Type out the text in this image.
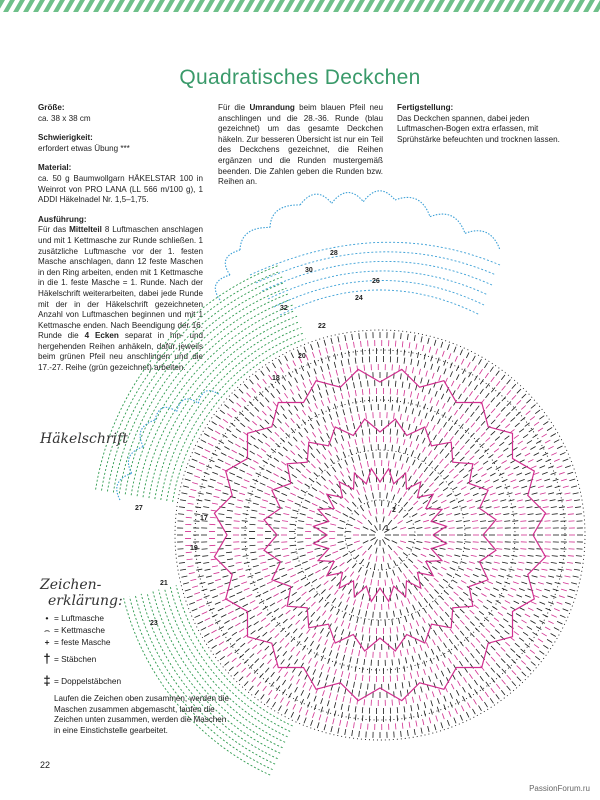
Quadratisches Deckchen

Größe:

ca. 38 x 38 cm

Schwierigkeit:

erfordert etwas Übung ***

Material:

ca. 50 g Baumwollgarn HÄKELSTAR 100 in Weinrot von PRO LANA (LL 566 m/100 g), 1 ADDI Häkelnadel Nr. 1,5–1,75.

Ausführung:

Für das Mittelteil 8 Luftmaschen anschlagen und mit 1 Kettmasche zur Runde schließen. 1 zusätzliche Luftmasche vor der 1. festen Masche anschlagen, dann 12 feste Maschen in den Ring arbeiten, enden mit 1 Kettmasche in die 1. feste Masche = 1. Runde. Nach der Häkelschrift weiterarbeiten, dabei jede Runde mit der in der Häkelschrift gezeichneten Anzahl von Luftmaschen beginnen und mit 1 Kettmasche enden. Nach Beendigung der 16. Runde die 4 Ecken separat in hin- und hergehenden Reihen anhäkeln, dafür jeweils beim grünen Pfeil neu anschlingen und die 17.-27. Reihe (grün gezeichnet) arbeiten.

Für die Umrandung beim blauen Pfeil neu anschlingen und die 28.-36. Runde (blau gezeichnet) um das gesamte Deckchen häkeln. Zur besseren Übersicht ist nur ein Teil des Deckchens gezeichnet, die Reihen ergänzen und die Runden mustergemäß beenden. Die Zahlen geben die Runden bzw. Reihen an.

Fertigstellung:

Das Deckchen spannen, dabei jeden Luftmaschen-Bogen extra erfassen, mit Sprühstärke befeuchten und trocknen lassen.

26
24
22
20
18
28
30
32
1
2
17
19
21
23
27
Häkelschrift
Zeichen-
erklärung:
• = Luftmasche
⌢ = Kettmasche
+ = feste Masche
† = Stäbchen
‡ = Doppelstäbchen
Laufen die Zeichen oben zusammen, werden die Maschen zusammen abgemascht, laufen die Zeichen unten zusammen, werden die Maschen in eine Einstichstelle gearbeitet.
22
PassionForum.ru
